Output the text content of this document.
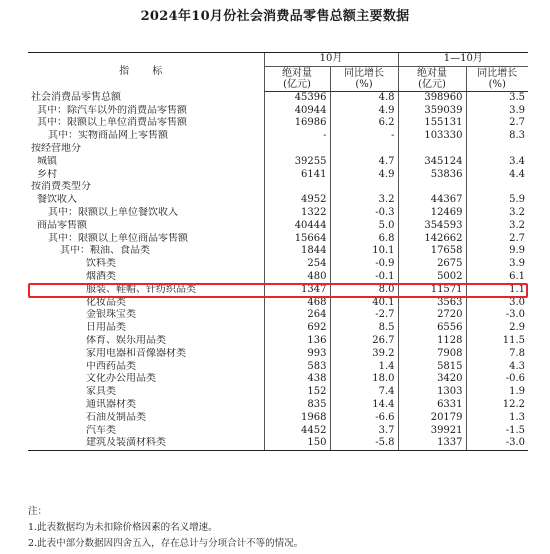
2024年10月份社会消费品零售总额主要数据
指 标	10月		1—10月	
	绝对量
(亿元)	同比增长
(%)	绝对量
(亿元)	同比增长
(%)
社会消费品零售总额	45396	4.8	398960	3.5
其中：除汽车以外的消费品零售额	40944	4.9	359039	3.9
其中：限额以上单位消费品零售额	16986	6.2	155131	2.7
其中：实物商品网上零售额	-	-	103330	8.3
按经营地分				
城镇	39255	4.7	345124	3.4
乡村	6141	4.9	53836	4.4
按消费类型分				
餐饮收入	4952	3.2	44367	5.9
其中：限额以上单位餐饮收入	1322	-0.3	12469	3.2
商品零售额	40444	5.0	354593	3.2
其中：限额以上单位商品零售额	15664	6.8	142662	2.7
其中：粮油、食品类	1844	10.1	17658	9.9
饮料类	254	-0.9	2675	3.9
烟酒类	480	-0.1	5002	6.1
服装、鞋帽、针纺织品类	1347	8.0	11571	1.1
化妆品类	468	40.1	3563	3.0
金银珠宝类	264	-2.7	2720	-3.0
日用品类	692	8.5	6556	2.9
体育、娱乐用品类	136	26.7	1128	11.5
家用电器和音像器材类	993	39.2	7908	7.8
中西药品类	583	1.4	5815	4.3
文化办公用品类	438	18.0	3420	-0.6
家具类	152	7.4	1303	1.9
通讯器材类	835	14.4	6331	12.2
石油及制品类	1968	-6.6	20179	1.3
汽车类	4452	3.7	39921	-1.5
建筑及装潢材料类	150	-5.8	1337	-3.0
注：
1.此表数据均为未扣除价格因素的名义增速。
2.此表中部分数据因四舍五入，存在总计与分项合计不等的情况。
